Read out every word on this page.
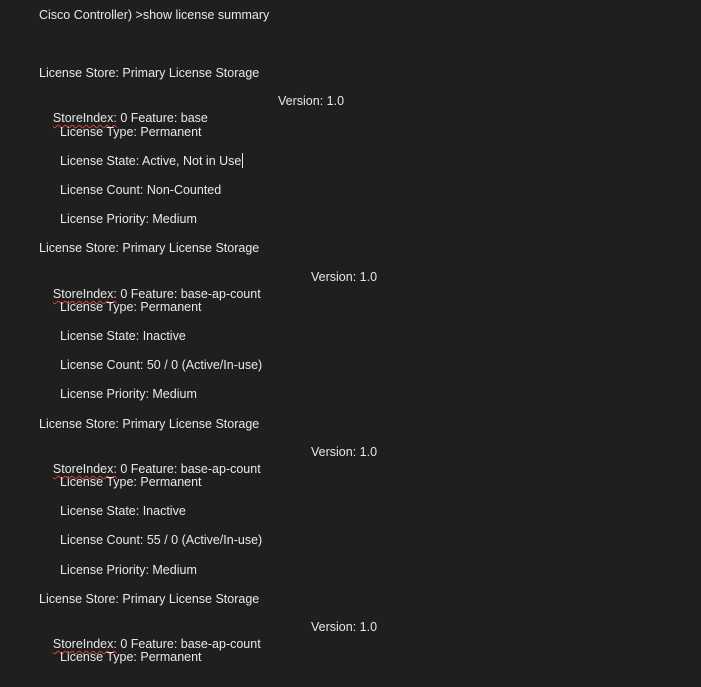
Cisco Controller) >show license summary
License Store: Primary License Storage

StoreIndex: 0 Feature: base

Version: 1.0
License Type: Permanent
License State: Active, Not in Use
License Count: Non-Counted
License Priority: Medium
License Store: Primary License Storage

StoreIndex: 0 Feature: base-ap-count

Version: 1.0
License Type: Permanent
License State: Inactive
License Count: 50 / 0 (Active/In-use)
License Priority: Medium
License Store: Primary License Storage

StoreIndex: 0 Feature: base-ap-count

Version: 1.0
License Type: Permanent
License State: Inactive
License Count: 55 / 0 (Active/In-use)
License Priority: Medium
License Store: Primary License Storage

StoreIndex: 0 Feature: base-ap-count

Version: 1.0
License Type: Permanent
